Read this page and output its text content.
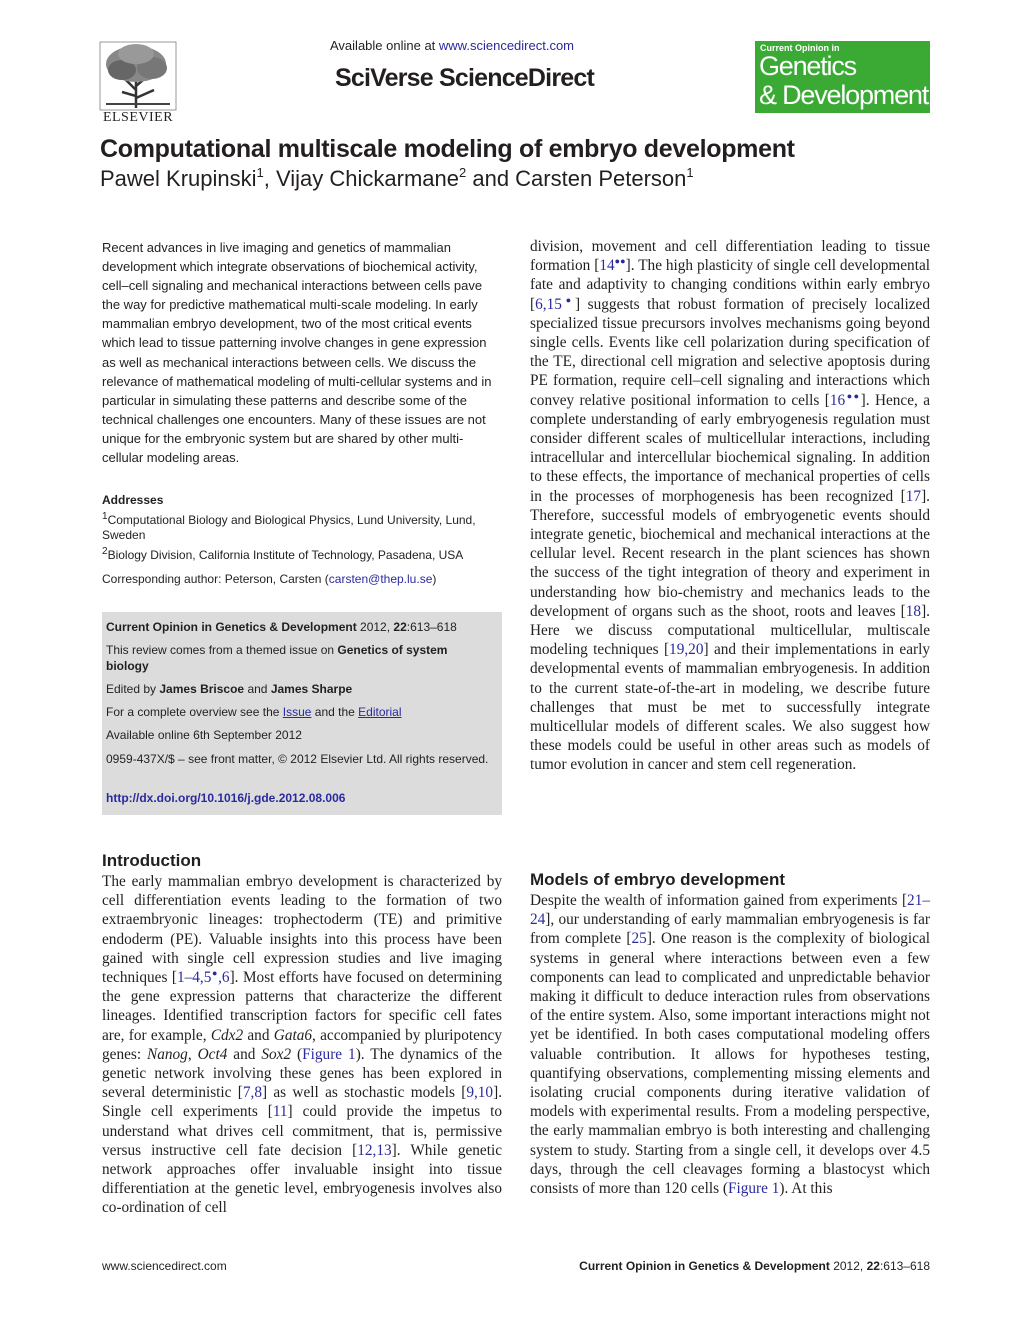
ELSEVIER
Available online at www.sciencedirect.com
SciVerse ScienceDirect
Current Opinion in
Genetics
& Development
Computational multiscale modeling of embryo development
Pawel Krupinski$^1$, Vijay Chickarmane$^2$ and Carsten Peterson$^1$
Recent advances in live imaging and genetics of mammalian development which integrate observations of biochemical activity, cell–cell signaling and mechanical interactions between cells pave the way for predictive mathematical multi-scale modeling. In early mammalian embryo development, two of the most critical events which lead to tissue patterning involve changes in gene expression as well as mechanical interactions between cells. We discuss the relevance of mathematical modeling of multi-cellular systems and in particular in simulating these patterns and describe some of the technical challenges one encounters. Many of these issues are not unique for the embryonic system but are shared by other multi-cellular modeling areas.
Addresses
$^1$Computational Biology and Biological Physics, Lund University, Lund, Sweden
$^2$Biology Division, California Institute of Technology, Pasadena, USA
Corresponding author: Peterson, Carsten (carsten@thep.lu.se)
Current Opinion in Genetics & Development 2012, 22:613–618
This review comes from a themed issue on Genetics of system biology
Edited by James Briscoe and James Sharpe
For a complete overview see the Issue and the Editorial
Available online 6th September 2012
0959-437X/$ – see front matter, © 2012 Elsevier Ltd. All rights reserved.
http://dx.doi.org/10.1016/j.gde.2012.08.006
Introduction
The early mammalian embryo development is characterized by cell differentiation events leading to the formation of two extraembryonic lineages: trophectoderm (TE) and primitive endoderm (PE). Valuable insights into this process have been gained with single cell expression studies and live imaging techniques [1–4,5●,6]. Most efforts have focused on determining the gene expression patterns that characterize the different lineages. Identified transcription factors for specific cell fates are, for example, Cdx2 and Gata6, accompanied by pluripotency genes: Nanog, Oct4 and Sox2 (Figure 1). The dynamics of the genetic network involving these genes has been explored in several deterministic [7,8] as well as stochastic models [9,10]. Single cell experiments [11] could provide the impetus to understand what drives cell commitment, that is, permissive versus instructive cell fate decision [12,13]. While genetic network approaches offer invaluable insight into tissue differentiation at the genetic level, embryogenesis involves also co-ordination of cell
division, movement and cell differentiation leading to tissue formation [14●●]. The high plasticity of single cell developmental fate and adaptivity to changing conditions within early embryo [6,15●] suggests that robust formation of precisely localized specialized tissue precursors involves mechanisms going beyond single cells. Events like cell polarization during specification of the TE, directional cell migration and selective apoptosis during PE formation, require cell–cell signaling and interactions which convey relative positional information to cells [16●●]. Hence, a complete understanding of early embryogenesis regulation must consider different scales of multicellular interactions, including intracellular and intercellular biochemical signaling. In addition to these effects, the importance of mechanical properties of cells in the processes of morphogenesis has been recognized [17]. Therefore, successful models of embryogenetic events should integrate genetic, biochemical and mechanical interactions at the cellular level. Recent research in the plant sciences has shown the success of the tight integration of theory and experiment in understanding how bio-chemistry and mechanics leads to the development of organs such as the shoot, roots and leaves [18]. Here we discuss computational multicellular, multiscale modeling techniques [19,20] and their implementations in early developmental events of mammalian embryogenesis. In addition to the current state-of-the-art in modeling, we describe future challenges that must be met to successfully integrate multicellular models of different scales. We also suggest how these models could be useful in other areas such as models of tumor evolution in cancer and stem cell regeneration.
Models of embryo development
Despite the wealth of information gained from experiments [21–24], our understanding of early mammalian embryogenesis is far from complete [25]. One reason is the complexity of biological systems in general where interactions between even a few components can lead to complicated and unpredictable behavior making it difficult to deduce interaction rules from observations of the entire system. Also, some important interactions might not yet be identified. In both cases computational modeling offers valuable contribution. It allows for hypotheses testing, quantifying observations, complementing missing elements and isolating crucial components during iterative validation of models with experimental results. From a modeling perspective, the early mammalian embryo is both interesting and challenging system to study. Starting from a single cell, it develops over 4.5 days, through the cell cleavages forming a blastocyst which consists of more than 120 cells (Figure 1). At this
www.sciencedirect.com	Current Opinion in Genetics & Development 2012, 22:613–618
